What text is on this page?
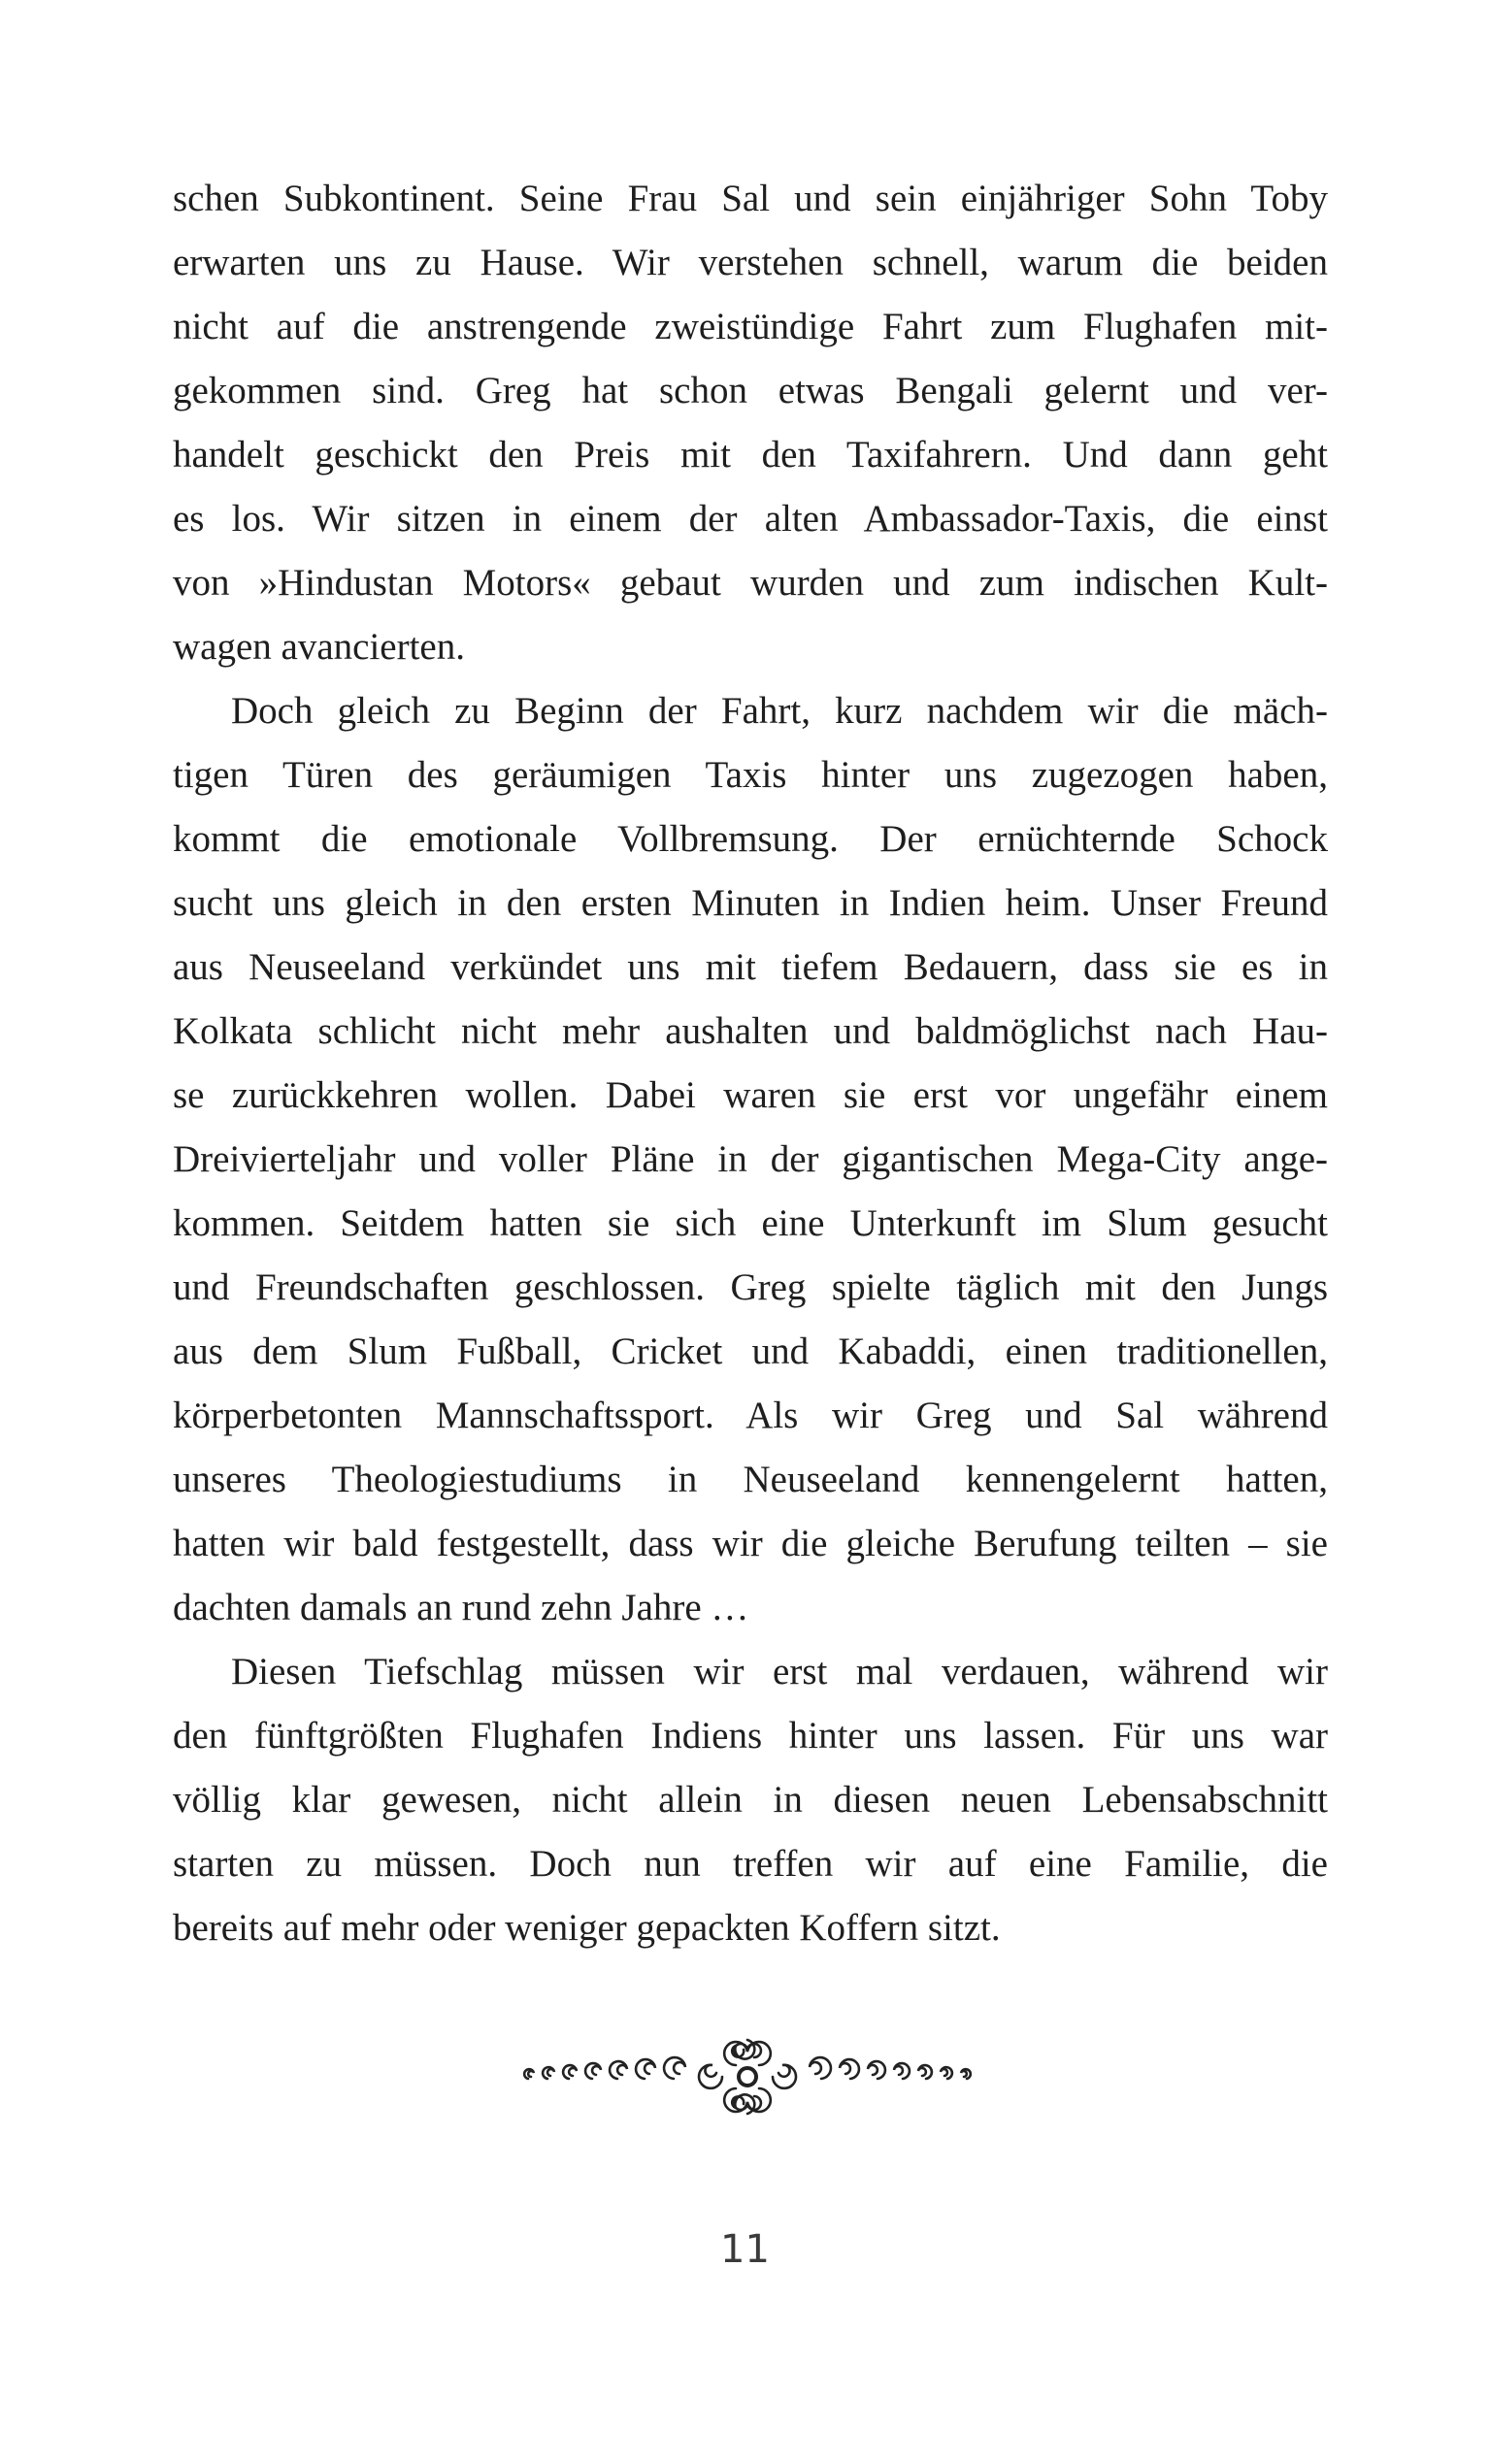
schen Subkontinent. Seine Frau Sal und sein einjähriger Sohn Toby
erwarten uns zu Hause. Wir verstehen schnell, warum die beiden
nicht auf die anstrengende zweistündige Fahrt zum Flughafen mit-
gekommen sind. Greg hat schon etwas Bengali gelernt und ver-
handelt geschickt den Preis mit den Taxifahrern. Und dann geht
es los. Wir sitzen in einem der alten Ambassador-Taxis, die einst
von »Hindustan Motors« gebaut wurden und zum indischen Kult-
wagen avancierten.
Doch gleich zu Beginn der Fahrt, kurz nachdem wir die mäch-
tigen Türen des geräumigen Taxis hinter uns zugezogen haben,
kommt die emotionale Vollbremsung. Der ernüchternde Schock
sucht uns gleich in den ersten Minuten in Indien heim. Unser Freund
aus Neuseeland verkündet uns mit tiefem Bedauern, dass sie es in
Kolkata schlicht nicht mehr aushalten und baldmöglichst nach Hau-
se zurückkehren wollen. Dabei waren sie erst vor ungefähr einem
Dreivierteljahr und voller Pläne in der gigantischen Mega-City ange-
kommen. Seitdem hatten sie sich eine Unterkunft im Slum gesucht
und Freundschaften geschlossen. Greg spielte täglich mit den Jungs
aus dem Slum Fußball, Cricket und Kabaddi, einen traditionellen,
körperbetonten Mannschaftssport. Als wir Greg und Sal während
unseres Theologiestudiums in Neuseeland kennengelernt hatten,
hatten wir bald festgestellt, dass wir die gleiche Berufung teilten – sie
dachten damals an rund zehn Jahre …
Diesen Tiefschlag müssen wir erst mal verdauen, während wir
den fünftgrößten Flughafen Indiens hinter uns lassen. Für uns war
völlig klar gewesen, nicht allein in diesen neuen Lebensabschnitt
starten zu müssen. Doch nun treffen wir auf eine Familie, die
bereits auf mehr oder weniger gepackten Koffern sitzt.
11
